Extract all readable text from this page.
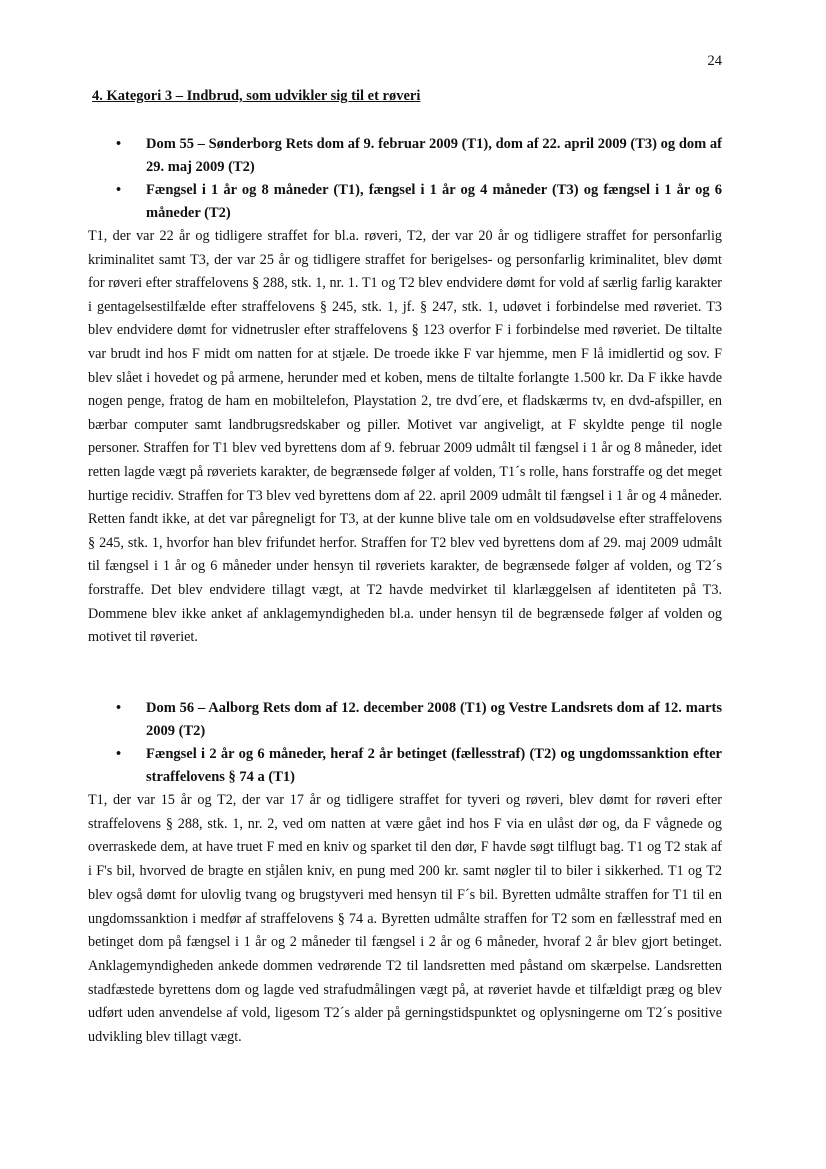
24
4. Kategori 3 – Indbrud, som udvikler sig til et røveri
• Dom 55 – Sønderborg Rets dom af 9. februar 2009 (T1), dom af 22. april 2009 (T3) og dom af 29. maj 2009 (T2)
• Fængsel i 1 år og 8 måneder (T1), fængsel i 1 år og 4 måneder (T3) og fængsel i 1 år og 6 måneder (T2)

T1, der var 22 år og tidligere straffet for bl.a. røveri, T2, der var 20 år og tidligere straffet for personfarlig kriminalitet samt T3, der var 25 år og tidligere straffet for berigelses- og personfarlig kriminalitet, blev dømt for røveri efter straffelovens § 288, stk. 1, nr. 1. T1 og T2 blev endvidere dømt for vold af særlig farlig karakter i gentagelsestilfælde efter straffelovens § 245, stk. 1, jf. § 247, stk. 1, udøvet i forbindelse med røveriet. T3 blev endvidere dømt for vidnetrusler efter straffelovens § 123 overfor F i forbindelse med røveriet. De tiltalte var brudt ind hos F midt om natten for at stjæle. De troede ikke F var hjemme, men F lå imidlertid og sov. F blev slået i hovedet og på armene, herunder med et koben, mens de tiltalte forlangte 1.500 kr. Da F ikke havde nogen penge, fratog de ham en mobiltelefon, Playstation 2, tre dvd´ere, et fladskærms tv, en dvd-afspiller, en bærbar computer samt landbrugsredskaber og piller. Motivet var angiveligt, at F skyldte penge til nogle personer. Straffen for T1 blev ved byrettens dom af 9. februar 2009 udmålt til fængsel i 1 år og 8 måneder, idet retten lagde vægt på røveriets karakter, de begrænsede følger af volden, T1´s rolle, hans forstraffe og det meget hurtige recidiv. Straffen for T3 blev ved byrettens dom af 22. april 2009 udmålt til fængsel i 1 år og 4 måneder. Retten fandt ikke, at det var påregneligt for T3, at der kunne blive tale om en voldsudøvelse efter straffelovens § 245, stk. 1, hvorfor han blev frifundet herfor. Straffen for T2 blev ved byrettens dom af 29. maj 2009 udmålt til fængsel i 1 år og 6 måneder under hensyn til røveriets karakter, de begrænsede følger af volden, og T2´s forstraffe. Det blev endvidere tillagt vægt, at T2 havde medvirket til klarlæggelsen af identiteten på T3. Dommene blev ikke anket af anklagemyndigheden bl.a. under hensyn til de begrænsede følger af volden og motivet til røveriet.

• Dom 56 – Aalborg Rets dom af 12. december 2008 (T1) og Vestre Landsrets dom af 12. marts 2009 (T2)
• Fængsel i 2 år og 6 måneder, heraf 2 år betinget (fællesstraf) (T2) og ungdomssanktion efter straffelovens § 74 a (T1)

T1, der var 15 år og T2, der var 17 år og tidligere straffet for tyveri og røveri, blev dømt for røveri efter straffelovens § 288, stk. 1, nr. 2, ved om natten at være gået ind hos F via en ulåst dør og, da F vågnede og overraskede dem, at have truet F med en kniv og sparket til den dør, F havde søgt tilflugt bag. T1 og T2 stak af i F's bil, hvorved de bragte en stjålen kniv, en pung med 200 kr. samt nøgler til to biler i sikkerhed. T1 og T2 blev også dømt for ulovlig tvang og brugstyveri med hensyn til F´s bil. Byretten udmålte straffen for T1 til en ungdomssanktion i medfør af straffelovens § 74 a. Byretten udmålte straffen for T2 som en fællesstraf med en betinget dom på fængsel i 1 år og 2 måneder til fængsel i 2 år og 6 måneder, hvoraf 2 år blev gjort betinget. Anklagemyndigheden ankede dommen vedrørende T2 til landsretten med påstand om skærpelse. Landsretten stadfæstede byrettens dom og lagde ved strafudmålingen vægt på, at røveriet havde et tilfældigt præg og blev udført uden anvendelse af vold, ligesom T2´s alder på gerningstidspunktet og oplysningerne om T2´s positive udvikling blev tillagt vægt.
